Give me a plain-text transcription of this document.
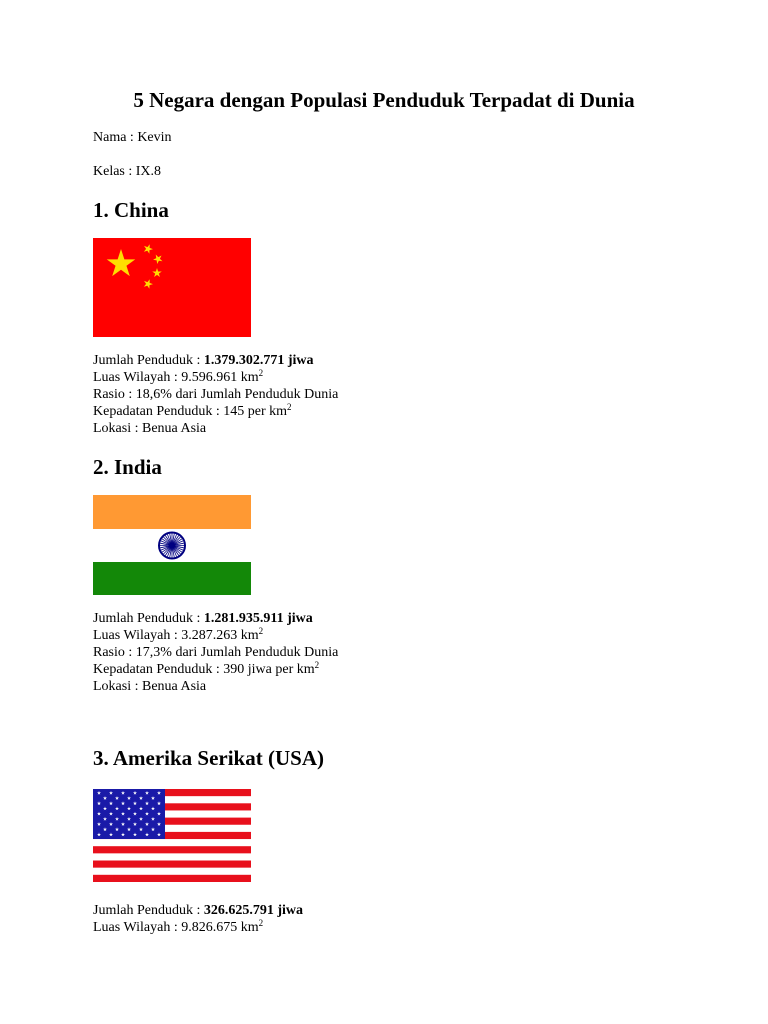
5 Negara dengan Populasi Penduduk Terpadat di Dunia

Nama : Kevin

Kelas : IX.8

1. China
Jumlah Penduduk : 1.379.302.771 jiwa
Luas Wilayah : 9.596.961 $km^2$
Rasio : 18,6% dari Jumlah Penduduk Dunia
Kepadatan Penduduk : 145 per $km^2$
Lokasi : Benua Asia
2. India
Jumlah Penduduk : 1.281.935.911 jiwa
Luas Wilayah : 3.287.263 $km^2$
Rasio : 17,3% dari Jumlah Penduduk Dunia
Kepadatan Penduduk : 390 jiwa per $km^2$
Lokasi : Benua Asia
3. Amerika Serikat (USA)
Jumlah Penduduk : 326.625.791 jiwa
Luas Wilayah : 9.826.675 $km^2$
